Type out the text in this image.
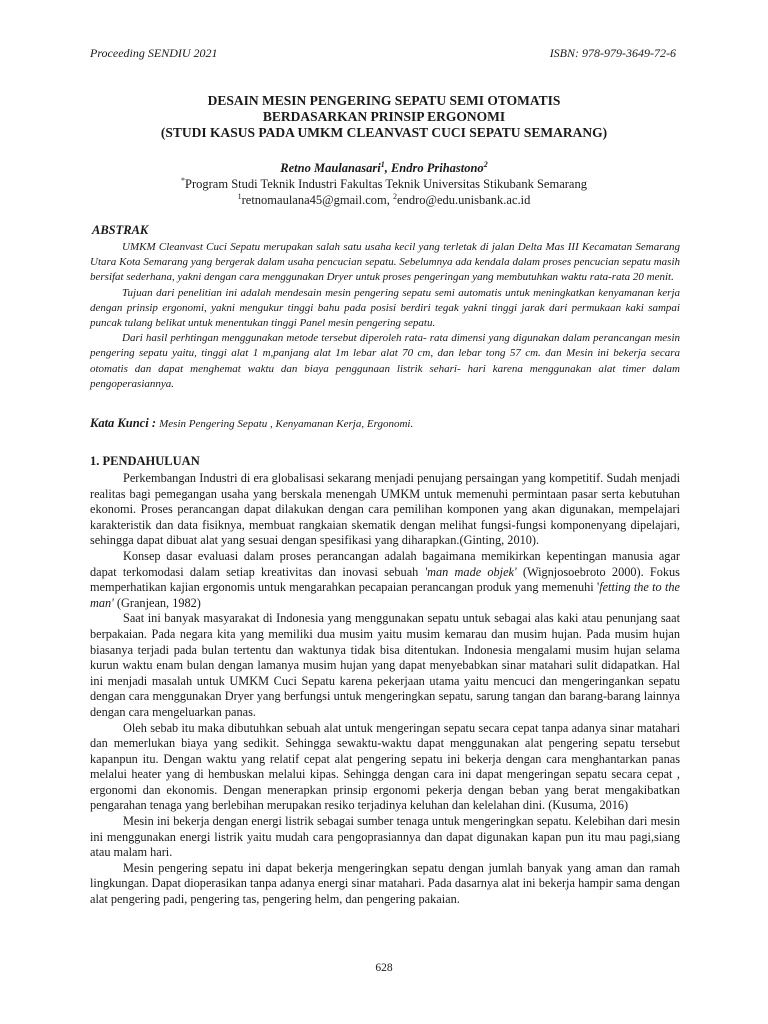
Proceeding SENDIU 2021	ISBN: 978-979-3649-72-6
DESAIN MESIN PENGERING SEPATU SEMI OTOMATIS
BERDASARKAN PRINSIP ERGONOMI
(STUDI KASUS PADA UMKM CLEANVAST CUCI SEPATU SEMARANG)
Retno Maulanasari$^1$, Endro Prihastono$^2$
*Program Studi Teknik Industri Fakultas Teknik Universitas Stikubank Semarang
$^1$retnomaulana45@gmail.com, $^2$endro@edu.unisbank.ac.id
ABSTRAK

UMKM Cleanvast Cuci Sepatu merupakan salah satu usaha kecil yang terletak di jalan Delta Mas III Kecamatan Semarang Utara Kota Semarang yang bergerak dalam usaha pencucian sepatu. Sebelumnya ada kendala dalam proses pencucian sepatu masih bersifat sederhana, yakni dengan cara menggunakan Dryer untuk proses pengeringan yang membutuhkan waktu rata-rata 20 menit.

Tujuan dari penelitian ini adalah mendesain mesin pengering sepatu semi automatis untuk meningkatkan kenyamanan kerja dengan prinsip ergonomi, yakni mengukur tinggi bahu pada posisi berdiri tegak yakni tinggi jarak dari permukaan kaki sampai puncak tulang belikat untuk menentukan tinggi Panel mesin pengering sepatu.

Dari hasil perhtingan menggunakan metode tersebut diperoleh rata- rata dimensi yang digunakan dalam perancangan mesin pengering sepatu yaitu, tinggi alat 1 m,panjang alat 1m lebar alat 70 cm, dan lebar tong 57 cm. dan Mesin ini bekerja secara otomatis dan dapat menghemat waktu dan biaya penggunaan listrik sehari- hari karena menggunakan alat timer dalam pengoperasiannya.

Kata Kunci : Mesin Pengering Sepatu , Kenyamanan Kerja, Ergonomi.
1. PENDAHULUAN

Perkembangan Industri di era globalisasi sekarang menjadi penujang persaingan yang kompetitif. Sudah menjadi realitas bagi pemegangan usaha yang berskala menengah UMKM untuk memenuhi permintaan pasar serta kebutuhan ekonomi. Proses perancangan dapat dilakukan dengan cara pemilihan komponen yang akan digunakan, mempelajari karakteristik dan data fisiknya, membuat rangkaian skematik dengan melihat fungsi-fungsi komponenyang dipelajari, sehingga dapat dibuat alat yang sesuai dengan spesifikasi yang diharapkan.(Ginting, 2010).

Konsep dasar evaluasi dalam proses perancangan adalah bagaimana memikirkan kepentingan manusia agar dapat terkomodasi dalam setiap kreativitas dan inovasi sebuah 'man made objek' (Wignjosoebroto 2000). Fokus memperhatikan kajian ergonomis untuk mengarahkan pecapaian perancangan produk yang memenuhi 'fetting the to the man' (Granjean, 1982)

Saat ini banyak masyarakat di Indonesia yang menggunakan sepatu untuk sebagai alas kaki atau penunjang saat berpakaian. Pada negara kita yang memiliki dua musim yaitu musim kemarau dan musim hujan. Pada musim hujan biasanya terjadi pada bulan tertentu dan waktunya tidak bisa ditentukan. Indonesia mengalami musim hujan selama kurun waktu enam bulan dengan lamanya musim hujan yang dapat menyebabkan sinar matahari sulit didapatkan. Hal ini menjadi masalah untuk UMKM Cuci Sepatu karena pekerjaan utama yaitu mencuci dan mengeringankan sepatu dengan cara menggunakan Dryer yang berfungsi untuk mengeringkan sepatu, sarung tangan dan barang-barang lainnya dengan cara mengeluarkan panas.

Oleh sebab itu maka dibutuhkan sebuah alat untuk mengeringan sepatu secara cepat tanpa adanya sinar matahari dan memerlukan biaya yang sedikit. Sehingga sewaktu-waktu dapat menggunakan alat pengering sepatu tersebut kapanpun itu. Dengan waktu yang relatif cepat alat pengering sepatu ini bekerja dengan cara menghantarkan panas melalui heater yang di hembuskan melalui kipas. Sehingga dengan cara ini dapat mengeringan sepatu secara cepat , ergonomi dan ekonomis. Dengan menerapkan prinsip ergonomi pekerja dengan beban yang berat mengakibatkan pengarahan tenaga yang berlebihan merupakan resiko terjadinya keluhan dan kelelahan dini. (Kusuma, 2016)

Mesin ini bekerja dengan energi listrik sebagai sumber tenaga untuk mengeringkan sepatu. Kelebihan dari mesin ini menggunakan energi listrik yaitu mudah cara pengoprasiannya dan dapat digunakan kapan pun itu mau pagi,siang atau malam hari.

Mesin pengering sepatu ini dapat bekerja mengeringkan sepatu dengan jumlah banyak yang aman dan ramah lingkungan. Dapat dioperasikan tanpa adanya energi sinar matahari. Pada dasarnya alat ini bekerja hampir sama dengan alat pengering padi, pengering tas, pengering helm, dan pengering pakaian.

628
